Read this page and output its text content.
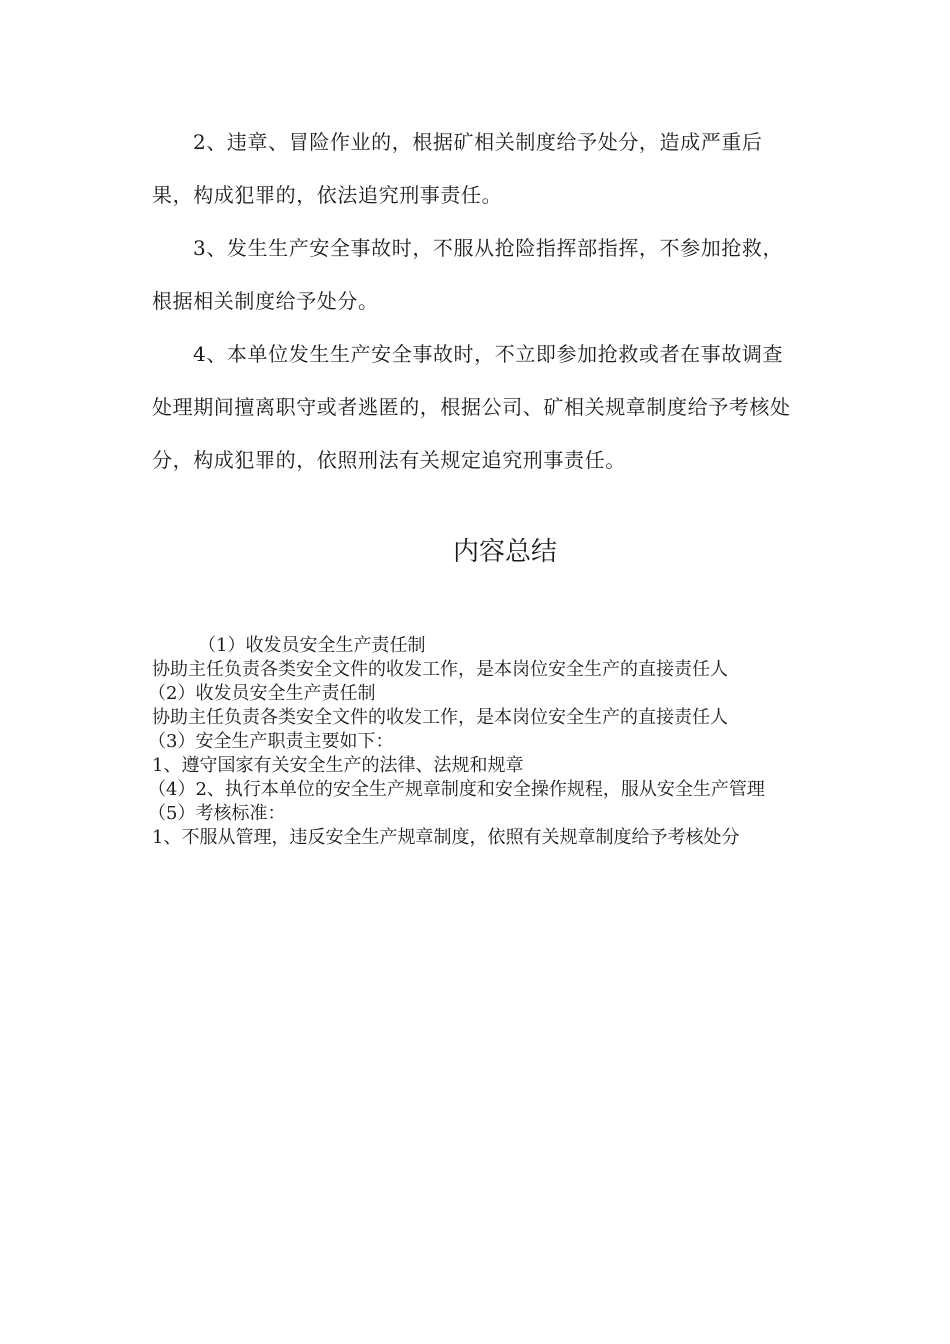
2、违章、冒险作业的，根据矿相关制度给予处分，造成严重后果，构成犯罪的，依法追究刑事责任。

3、发生生产安全事故时，不服从抢险指挥部指挥，不参加抢救，根据相关制度给予处分。

4、本单位发生生产安全事故时，不立即参加抢救或者在事故调查处理期间擅离职守或者逃匿的，根据公司、矿相关规章制度给予考核处分，构成犯罪的，依照刑法有关规定追究刑事责任。

内容总结

（1）收发员安全生产责任制

协助主任负责各类安全文件的收发工作，是本岗位安全生产的直接责任人

（2）收发员安全生产责任制

协助主任负责各类安全文件的收发工作，是本岗位安全生产的直接责任人

（3）安全生产职责主要如下：

1、遵守国家有关安全生产的法律、法规和规章

（4）2、执行本单位的安全生产规章制度和安全操作规程，服从安全生产管理

（5）考核标准：

1、不服从管理，违反安全生产规章制度，依照有关规章制度给予考核处分
